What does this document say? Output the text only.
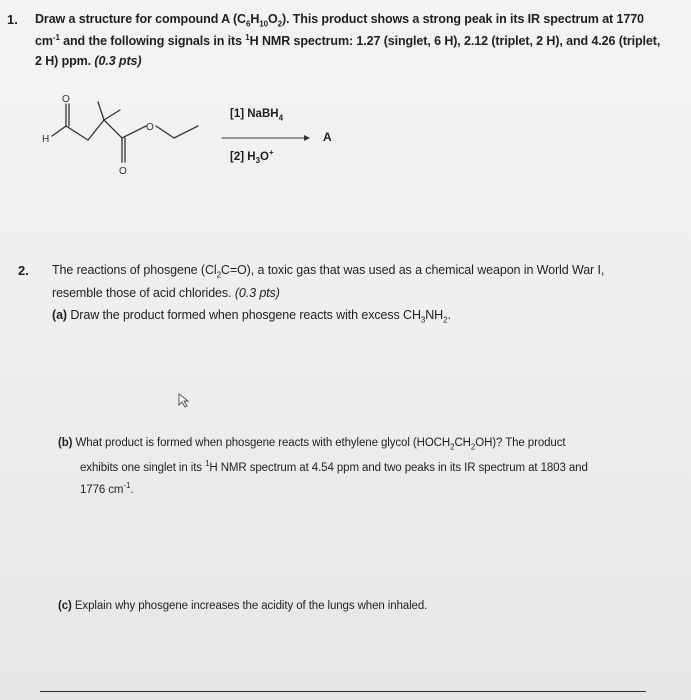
1. Draw a structure for compound A $(C_6H_{10}O_2)$. This product shows a strong peak in its IR spectrum at 1770
$cm^{-1}$ and the following signals in its $^1$H NMR spectrum: 1.27 (singlet, 6 H), 2.12 (triplet, 2 H), and 4.26 (triplet,
2 H) ppm. (0.3 pts)
O
H
O
O
[1] NaBH$_4$
[2] $H_3O^+$
A
2. The reactions of phosgene $(Cl_2C=O)$, a toxic gas that was used as a chemical weapon in World War I,
resemble those of acid chlorides. (0.3 pts)
(a) Draw the product formed when phosgene reacts with excess $CH_3NH_2$.
(b) What product is formed when phosgene reacts with ethylene glycol $(HOCH_2CH_2OH)$? The product
exhibits one singlet in its $^1$H NMR spectrum at 4.54 ppm and two peaks in its IR spectrum at 1803 and
1776 $cm^{-1}$.
(c) Explain why phosgene increases the acidity of the lungs when inhaled.
